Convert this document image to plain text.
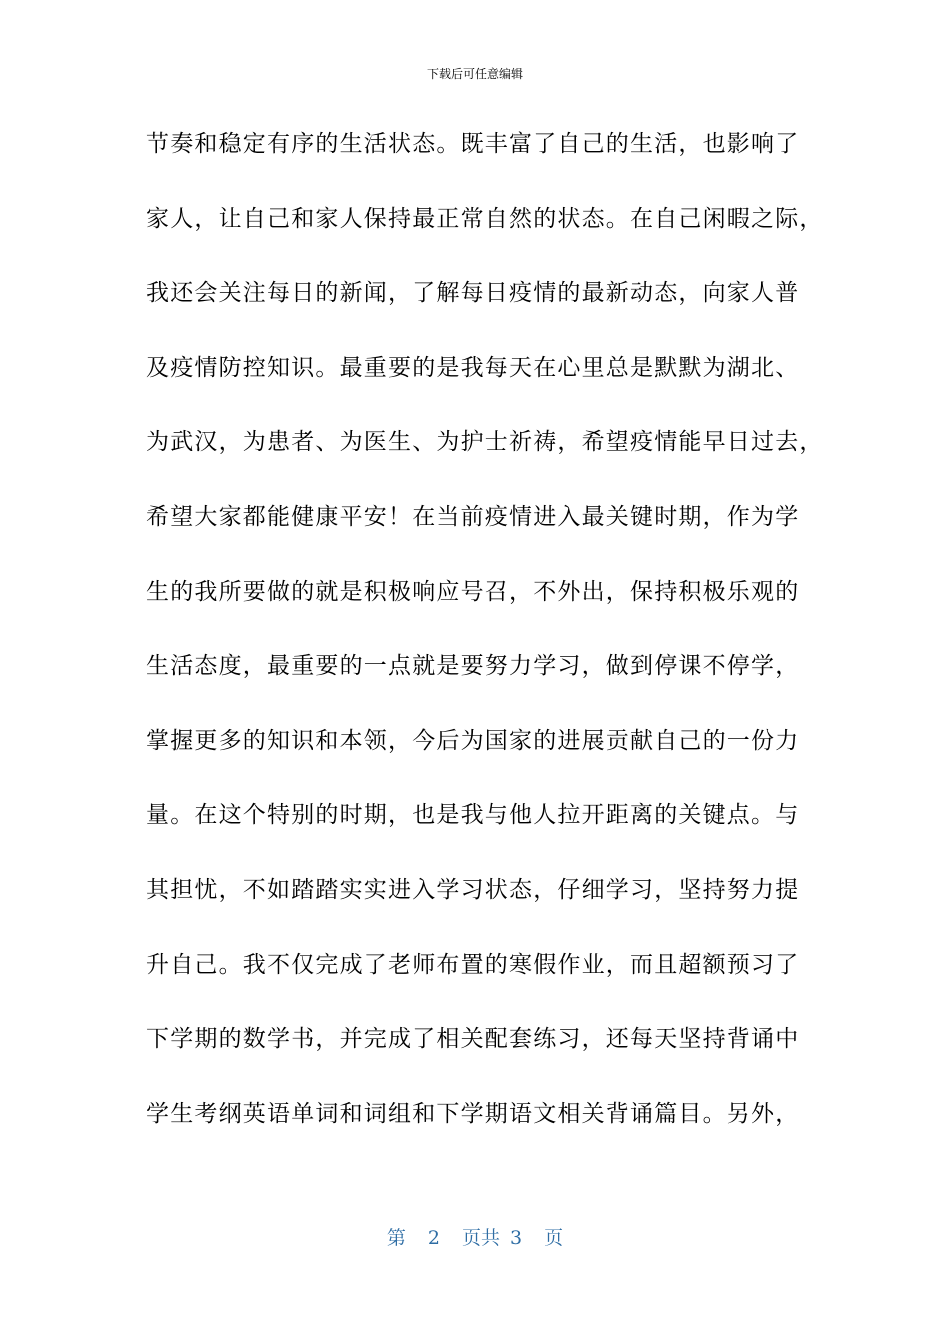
下载后可任意编辑
节奏和稳定有序的生活状态。既丰富了自己的生活，也影响了
家人，让自己和家人保持最正常自然的状态。在自己闲暇之际，
我还会关注每日的新闻，了解每日疫情的最新动态，向家人普
及疫情防控知识。最重要的是我每天在心里总是默默为湖北、
为武汉，为患者、为医生、为护士祈祷，希望疫情能早日过去，
希望大家都能健康平安！在当前疫情进入最关键时期，作为学
生的我所要做的就是积极响应号召，不外出，保持积极乐观的
生活态度，最重要的一点就是要努力学习，做到停课不停学，
掌握更多的知识和本领，今后为国家的进展贡献自己的一份力
量。在这个特别的时期，也是我与他人拉开距离的关键点。与
其担忧，不如踏踏实实进入学习状态，仔细学习，坚持努力提
升自己。我不仅完成了老师布置的寒假作业，而且超额预习了
下学期的数学书，并完成了相关配套练习，还每天坚持背诵中
学生考纲英语单词和词组和下学期语文相关背诵篇目。另外，
第 2 页共 3 页
